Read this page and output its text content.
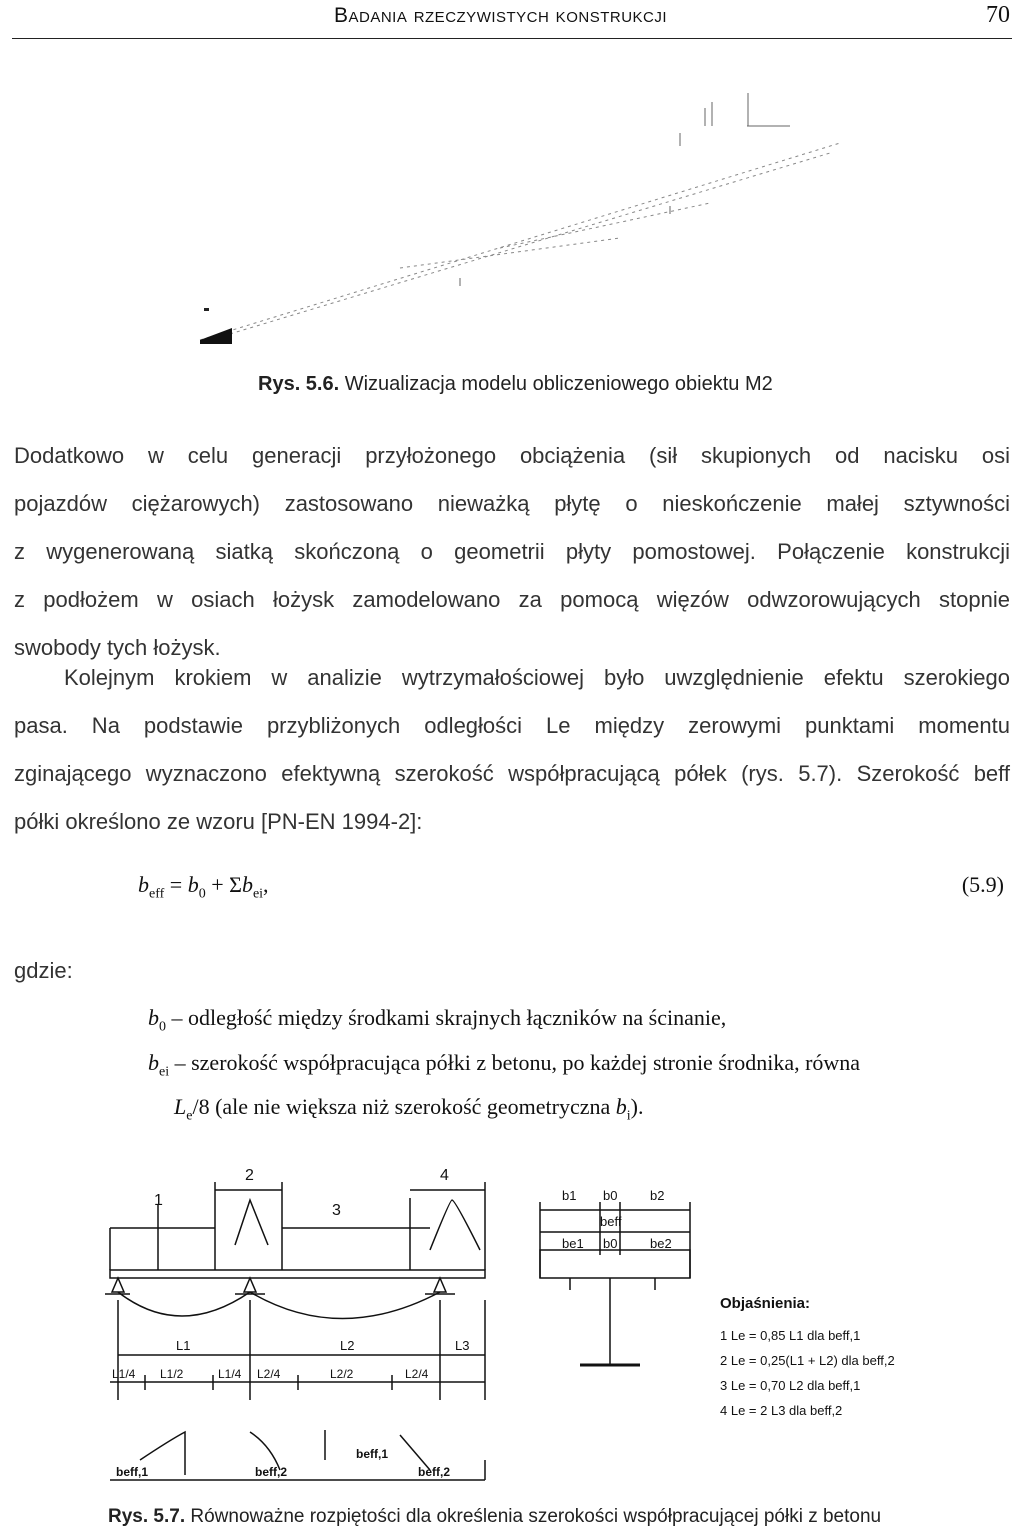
Badania rzeczywistych konstrukcji	70
Rys. 5.6. Wizualizacja modelu obliczeniowego obiektu M2
Dodatkowo w celu generacji przyłożonego obciążenia (sił skupionych od nacisku osi
pojazdów ciężarowych) zastosowano nieważką płytę o nieskończenie małej sztywności
z wygenerowaną siatką skończoną o geometrii płyty pomostowej. Połączenie konstrukcji
z podłożem w osiach łożysk zamodelowano za pomocą więzów odwzorowujących stopnie
swobody tych łożysk.
Kolejnym krokiem w analizie wytrzymałościowej było uwzględnienie efektu szerokiego
pasa. Na podstawie przybliżonych odległości Le między zerowymi punktami momentu
zginającego wyznaczono efektywną szerokość współpracującą półek (rys. 5.7). Szerokość beff
półki określono ze wzoru [PN-EN 1994-2]:
$b_{eff} = b_0 + \Sigma b_{ei}$,	(5.9)
gdzie:
$b_0$ – odległość między środkami skrajnych łączników na ścinanie,
$b_{ei}$ – szerokość współpracująca półki z betonu, po każdej stronie środnika, równa
$L_e/8$ (ale nie większa niż szerokość geometryczna $b_i$).
1
2
3
4
L1	L2	L3
L1/4 L1/2	L1/4 L2/4	L2/2	L2/4
beff,1	beff,2
beff,1
beff,2
b1 b0	b2
beff
be1 b0	be2
Objaśnienia:
1 Le = 0,85 L1 dla beff,1
2 Le = 0,25(L1 + L2) dla beff,2
3 Le = 0,70 L2 dla beff,1
4 Le = 2 L3 dla beff,2
Rys. 5.7. Równoważne rozpiętości dla określenia szerokości współpracującej półki z betonu
